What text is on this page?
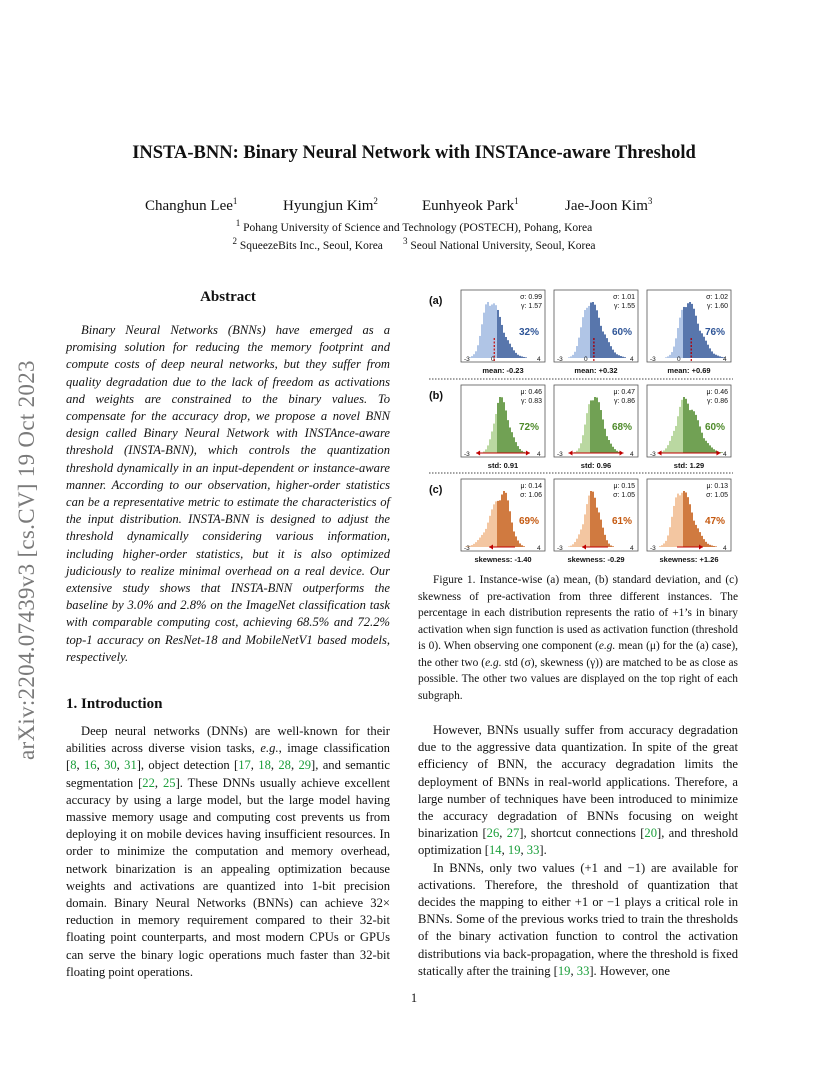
arXiv:2204.07439v3 [cs.CV] 19 Oct 2023
INSTA-BNN: Binary Neural Network with INSTAnce-aware Threshold
Changhun Lee$^1$	Hyungjun Kim$^2$	Eunhyeok Park$^1$	Jae-Joon Kim$^3$
$^1$ Pohang University of Science and Technology (POSTECH), Pohang, Korea
$^2$ SqueezeBits Inc., Seoul, Korea $^3$ Seoul National University, Seoul, Korea
Abstract

Binary Neural Networks (BNNs) have emerged as a promising solution for reducing the memory footprint and compute costs of deep neural networks, but they suffer from quality degradation due to the lack of freedom as activations and weights are constrained to the binary values. To compensate for the accuracy drop, we propose a novel BNN design called Binary Neural Network with INSTAnce-aware threshold (INSTA-BNN), which controls the quantization threshold dynamically in an input-dependent or instance-aware manner. According to our observation, higher-order statistics can be a representative metric to estimate the characteristics of the input distribution. INSTA-BNN is designed to adjust the threshold dynamically considering various information, including higher-order statistics, but it is also optimized judiciously to realize minimal overhead on a real device. Our extensive study shows that INSTA-BNN outperforms the baseline by 3.0% and 2.8% on the ImageNet classification task with comparable computing cost, achieving 68.5% and 72.2% top-1 accuracy on ResNet-18 and MobileNetV1 based models, respectively.

1. Introduction

Deep neural networks (DNNs) are well-known for their abilities across diverse vision tasks, e.g., image classification [8, 16, 30, 31], object detection [17, 18, 28, 29], and semantic segmentation [22, 25]. These DNNs usually achieve excellent accuracy by using a large model, but the large model having massive memory usage and computing cost prevents us from deploying it on mobile devices having insufficient resources. In order to minimize the computation and memory overhead, network binarization is an appealing optimization because weights and activations are quantized into 1-bit precision domain. Binary Neural Networks (BNNs) can achieve 32× reduction in memory requirement compared to their 32-bit floating point counterparts, and most modern CPUs or GPUs can serve the binary logic operations much faster than 32-bit floating point operations.

(a)
-3	4
0
σ: 0.99
γ: 1.57
32%
mean: -0.23
-3	4
0
σ: 1.01
γ: 1.55
60%
mean: +0.32
-3	4
0
σ: 1.02
γ: 1.60
76%
mean: +0.69
(b)
-3	4
μ: 0.46
γ: 0.83
72%
std: 0.91
-3	4
μ: 0.47
γ: 0.86
68%
std: 0.96
-3	4
μ: 0.46
γ: 0.86
60%
std: 1.29
(c)
-3	4
μ: 0.14
σ: 1.06
69%
skewness: -1.40
-3	4
μ: 0.15
σ: 1.05
61%
skewness: -0.29
-3	4
μ: 0.13
σ: 1.05
47%
skewness: +1.26

Figure 1. Instance-wise (a) mean, (b) standard deviation, and (c) skewness of pre-activation from three different instances. The percentage in each distribution represents the ratio of +1’s in binary activation when sign function is used as activation function (threshold is 0). When observing one component (e.g. mean (μ) for the (a) case), the other two (e.g. std (σ), skewness (γ)) are matched to be as close as possible. The other two values are displayed on the top right of each subgraph.

However, BNNs usually suffer from accuracy degradation due to the aggressive data quantization. In spite of the great efficiency of BNN, the accuracy degradation limits the deployment of BNNs in real-world applications. Therefore, a large number of techniques have been introduced to minimize the accuracy degradation of BNNs focusing on weight binarization [26, 27], shortcut connections [20], and threshold optimization [14, 19, 33].

In BNNs, only two values (+1 and −1) are available for activations. Therefore, the threshold of quantization that decides the mapping to either +1 or −1 plays a critical role in BNNs. Some of the previous works tried to train the thresholds of the binary activation function to control the activation distributions via back-propagation, where the threshold is fixed statically after the training [19, 33]. However, one

1
